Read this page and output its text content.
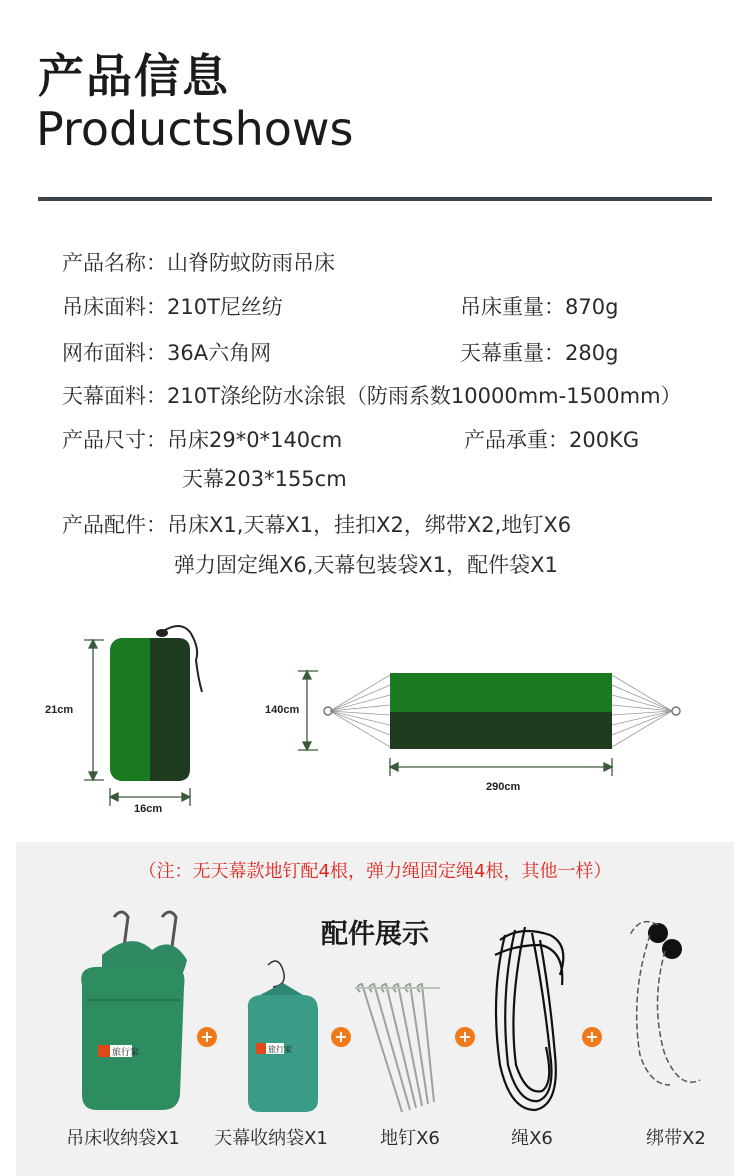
产品信息
Productshows
产品名称：山脊防蚊防雨吊床
吊床面料：210T尼丝纺	吊床重量：870g
网布面料：36A六角网	天幕重量：280g
天幕面料：210T涤纶防水涂银（防雨系数10000mm-1500mm）
产品尺寸：吊床29*0*140cm	产品承重：200KG
天幕203*155cm
产品配件：吊床X1,天幕X1，挂扣X2，绑带X2,地钉X6
弹力固定绳X6,天幕包装袋X1，配件袋X1
21cm
16cm
140cm
290cm
（注：无天幕款地钉配4根，弹力绳固定绳4根，其他一样）
配件展示
旅行家
+
旅行家
+	+	+
吊床收纳袋X1	天幕收纳袋X1	地钉X6	绳X6	绑带X2
